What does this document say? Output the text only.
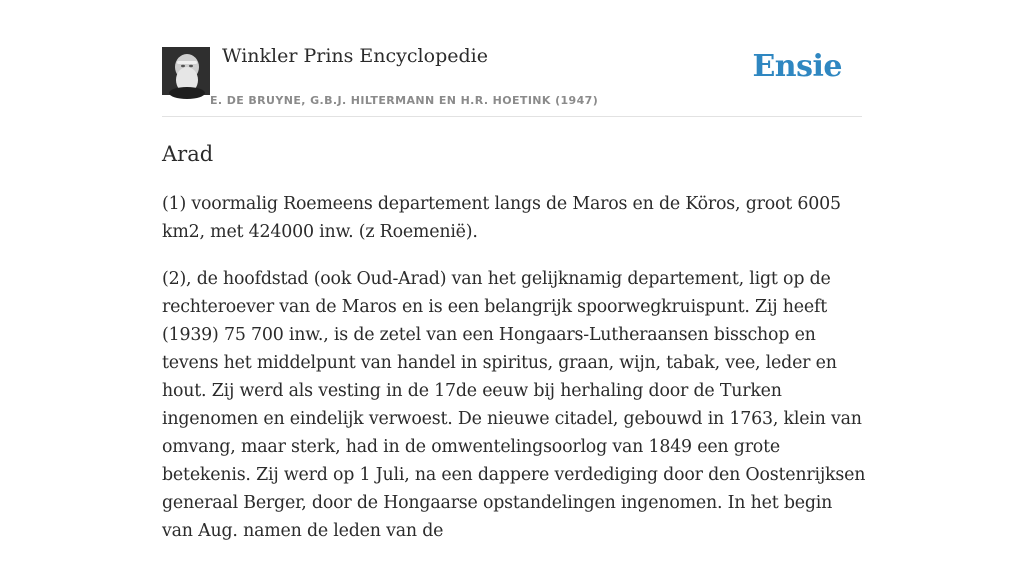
Winkler Prins Encyclopedie
E. DE BRUYNE, G.B.J. HILTERMANN EN H.R. HOETINK (1947)
Ensie
Arad

(1) voormalig Roemeens departement langs de Maros en de Köros, groot 6005 km2, met 424000 inw. (z Roemenië).

(2), de hoofdstad (ook Oud-Arad) van het gelijknamig departement, ligt op de rechteroever van de Maros en is een belangrijk spoorwegkruispunt. Zij heeft (1939) 75 700 inw., is de zetel van een Hongaars-Lutheraansen bisschop en tevens het middelpunt van handel in spiritus, graan, wijn, tabak, vee, leder en hout. Zij werd als vesting in de 17de eeuw bij herhaling door de Turken ingenomen en eindelijk verwoest. De nieuwe citadel, gebouwd in 1763, klein van omvang, maar sterk, had in de omwentelingsoorlog van 1849 een grote betekenis. Zij werd op 1 Juli, na een dappere verdediging door den Oostenrijksen generaal Berger, door de Hongaarse opstandelingen ingenomen. In het begin van Aug. namen de leden van de
